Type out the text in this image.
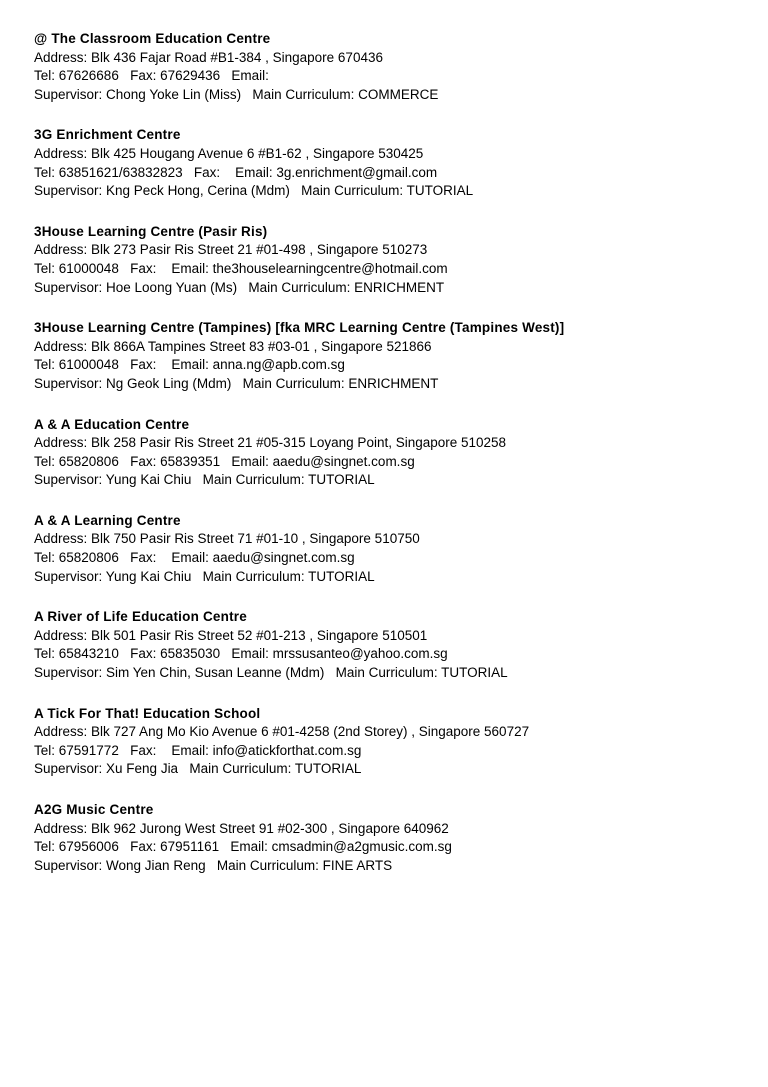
@ The Classroom Education Centre

Address: Blk 436 Fajar Road #B1-384 , Singapore 670436

Tel: 67626686   Fax: 67629436   Email:

Supervisor: Chong Yoke Lin (Miss)   Main Curriculum: COMMERCE

3G Enrichment Centre

Address: Blk 425 Hougang Avenue 6 #B1-62 , Singapore 530425

Tel: 63851621/63832823   Fax:    Email: 3g.enrichment@gmail.com

Supervisor: Kng Peck Hong, Cerina (Mdm)   Main Curriculum: TUTORIAL

3House Learning Centre (Pasir Ris)

Address: Blk 273 Pasir Ris Street 21 #01-498 , Singapore 510273

Tel: 61000048   Fax:    Email: the3houselearningcentre@hotmail.com

Supervisor: Hoe Loong Yuan (Ms)   Main Curriculum: ENRICHMENT

3House Learning Centre (Tampines) [fka MRC Learning Centre (Tampines West)]

Address: Blk 866A Tampines Street 83 #03-01 , Singapore 521866

Tel: 61000048   Fax:    Email: anna.ng@apb.com.sg

Supervisor: Ng Geok Ling (Mdm)   Main Curriculum: ENRICHMENT

A & A Education Centre

Address: Blk 258 Pasir Ris Street 21 #05-315 Loyang Point, Singapore 510258

Tel: 65820806   Fax: 65839351   Email: aaedu@singnet.com.sg

Supervisor: Yung Kai Chiu   Main Curriculum: TUTORIAL

A & A Learning Centre

Address: Blk 750 Pasir Ris Street 71 #01-10 , Singapore 510750

Tel: 65820806   Fax:    Email: aaedu@singnet.com.sg

Supervisor: Yung Kai Chiu   Main Curriculum: TUTORIAL

A River of Life Education Centre

Address: Blk 501 Pasir Ris Street 52 #01-213 , Singapore 510501

Tel: 65843210   Fax: 65835030   Email: mrssusanteo@yahoo.com.sg

Supervisor: Sim Yen Chin, Susan Leanne (Mdm)   Main Curriculum: TUTORIAL

A Tick For That! Education School

Address: Blk 727 Ang Mo Kio Avenue 6 #01-4258 (2nd Storey) , Singapore 560727

Tel: 67591772   Fax:    Email: info@atickforthat.com.sg

Supervisor: Xu Feng Jia   Main Curriculum: TUTORIAL

A2G Music Centre

Address: Blk 962 Jurong West Street 91 #02-300 , Singapore 640962

Tel: 67956006   Fax: 67951161   Email: cmsadmin@a2gmusic.com.sg

Supervisor: Wong Jian Reng   Main Curriculum: FINE ARTS
